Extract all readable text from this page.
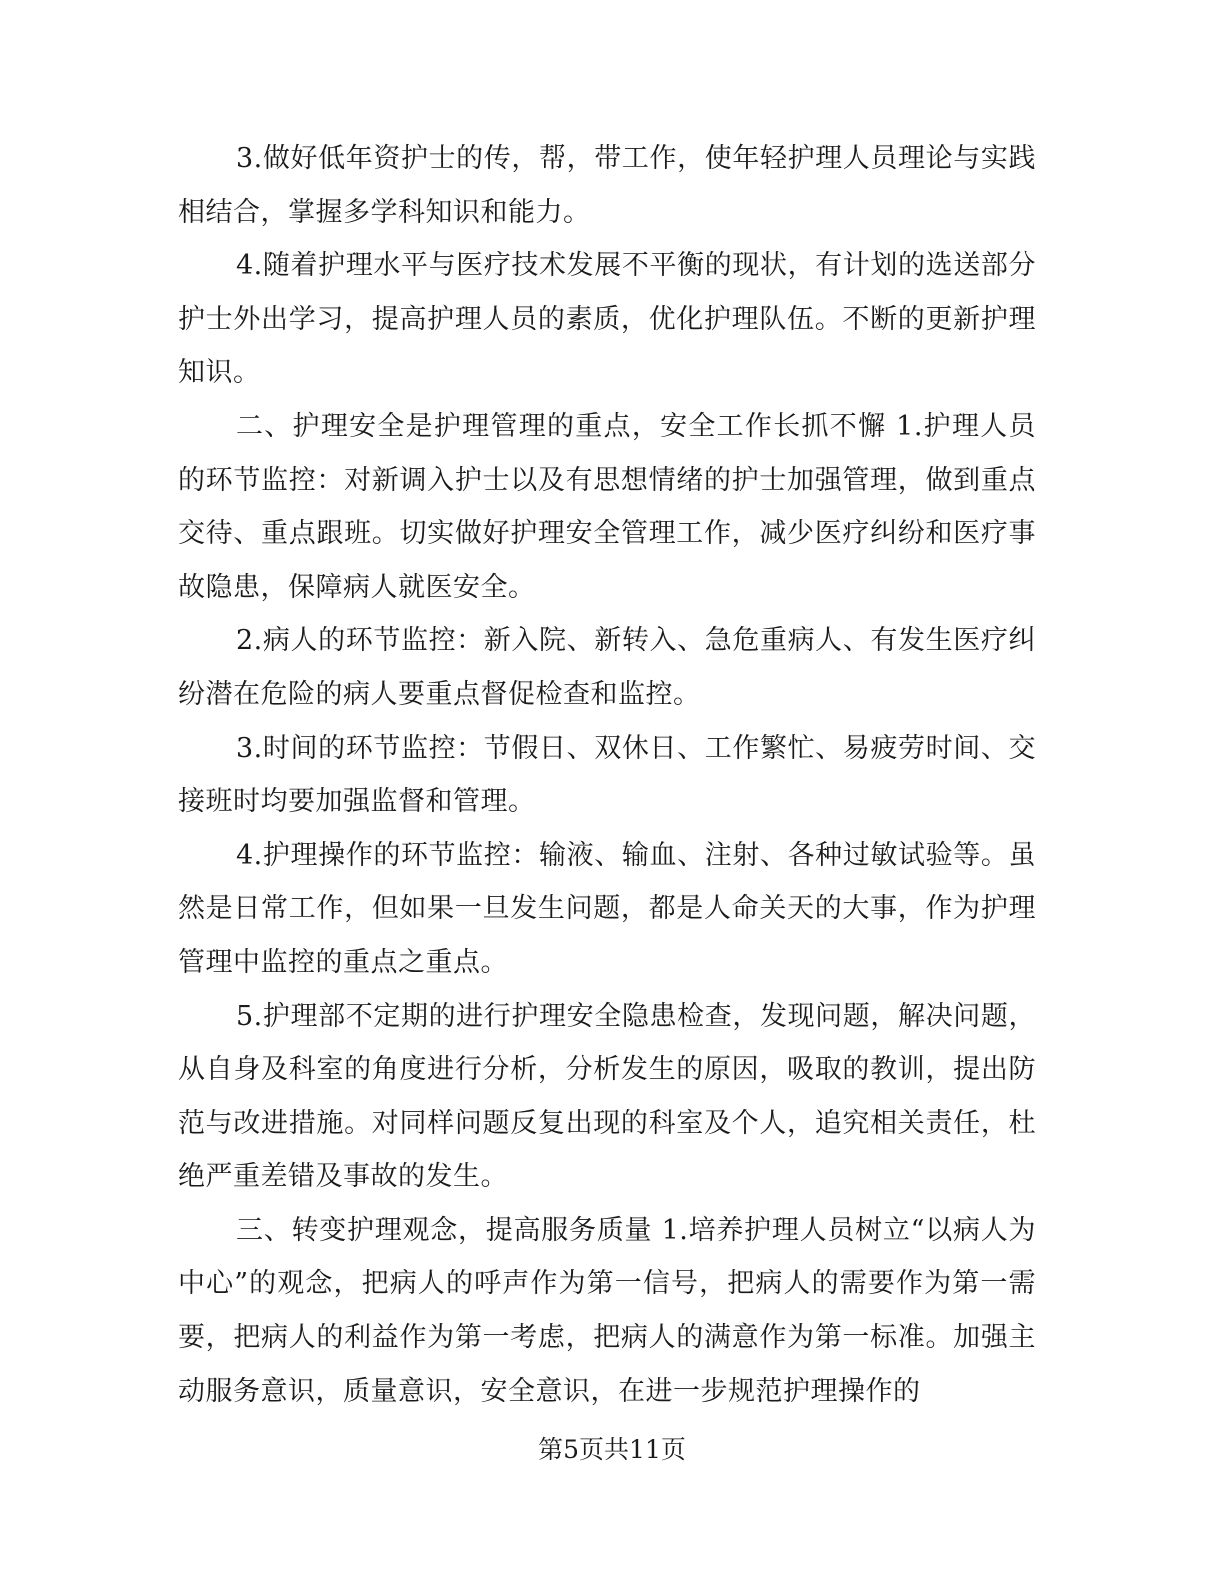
3.做好低年资护士的传，帮，带工作，使年轻护理人员理论与实践相结合，掌握多学科知识和能力。

4.随着护理水平与医疗技术发展不平衡的现状，有计划的选送部分护士外出学习，提高护理人员的素质，优化护理队伍。不断的更新护理知识。

二、护理安全是护理管理的重点，安全工作长抓不懈 1.护理人员的环节监控：对新调入护士以及有思想情绪的护士加强管理，做到重点交待、重点跟班。切实做好护理安全管理工作，减少医疗纠纷和医疗事故隐患，保障病人就医安全。

2.病人的环节监控：新入院、新转入、急危重病人、有发生医疗纠纷潜在危险的病人要重点督促检查和监控。

3.时间的环节监控：节假日、双休日、工作繁忙、易疲劳时间、交接班时均要加强监督和管理。

4.护理操作的环节监控：输液、输血、注射、各种过敏试验等。虽然是日常工作，但如果一旦发生问题，都是人命关天的大事，作为护理管理中监控的重点之重点。

5.护理部不定期的进行护理安全隐患检查，发现问题，解决问题，从自身及科室的角度进行分析，分析发生的原因，吸取的教训，提出防范与改进措施。对同样问题反复出现的科室及个人，追究相关责任，杜绝严重差错及事故的发生。

三、转变护理观念，提高服务质量 1.培养护理人员树立“以病人为中心”的观念，把病人的呼声作为第一信号，把病人的需要作为第一需要，把病人的利益作为第一考虑，把病人的满意作为第一标准。加强主动服务意识，质量意识，安全意识，在进一步规范护理操作的

第5页共11页
